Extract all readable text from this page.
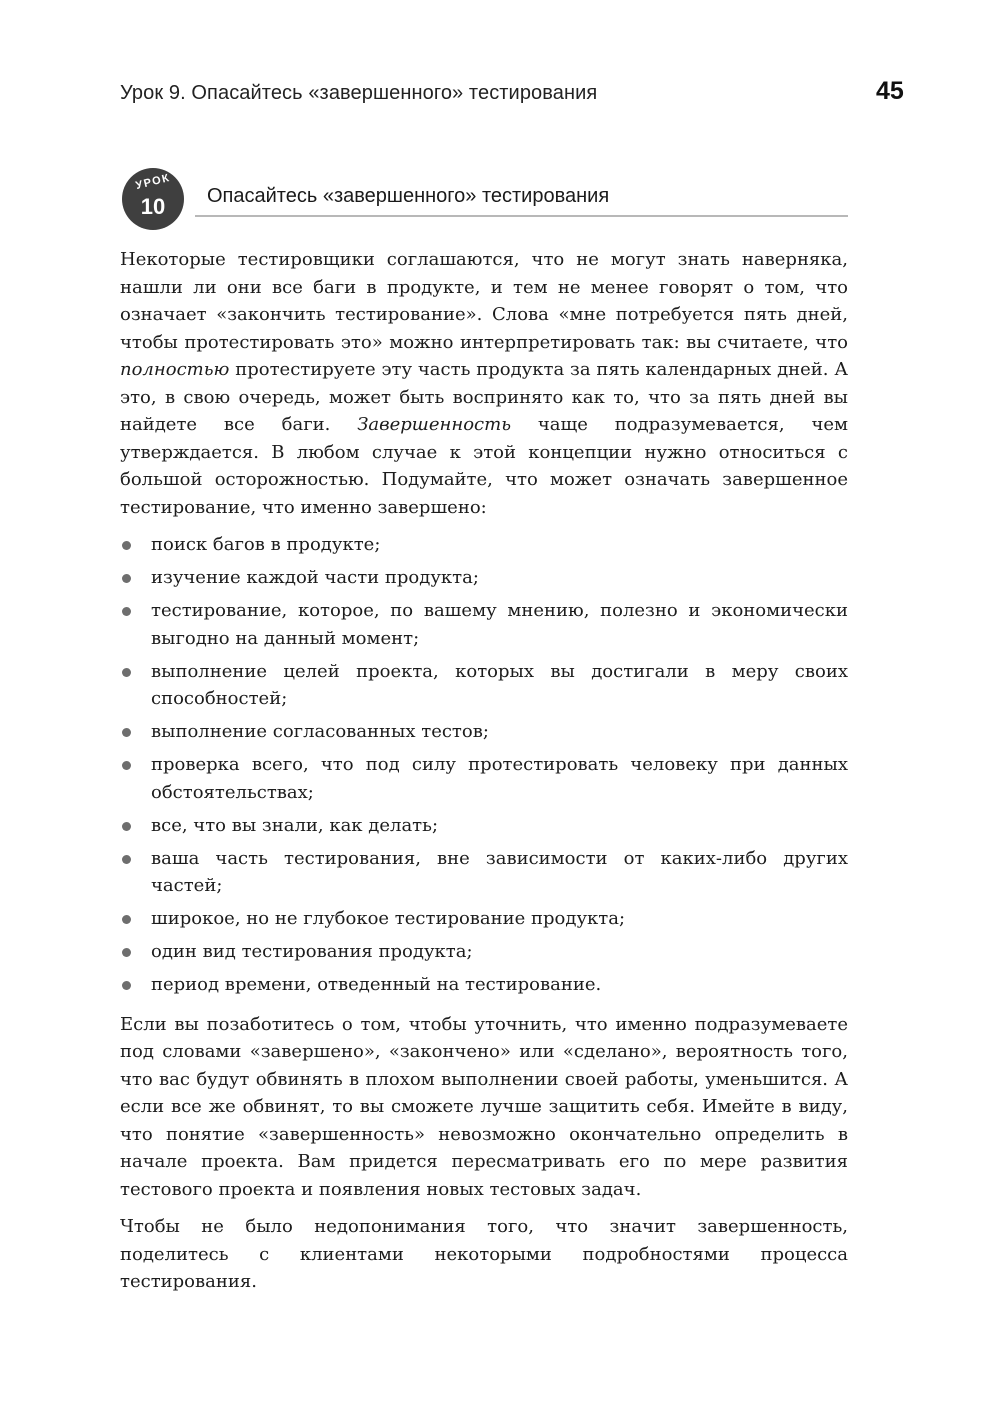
Урок 9. Опасайтесь «завершенного» тестирования	45
УРОК
10	Опасайтесь «завершенного» тестирования

Некоторые тестировщики соглашаются, что не могут знать наверняка, нашли ли они все баги в продукте, и тем не менее говорят о том, что означает «закончить тестирование». Слова «мне потребуется пять дней, чтобы протестировать это» можно интерпретировать так: вы считаете, что полностью протестируете эту часть продукта за пять календарных дней. А это, в свою очередь, может быть воспринято как то, что за пять дней вы найдете все баги. Завершенность чаще подразумевается, чем утверждается. В любом случае к этой концепции нужно относиться с большой осторожностью. Подумайте, что может означать завершенное тестирование, что именно завершено:

поиск багов в продукте;
изучение каждой части продукта;
тестирование, которое, по вашему мнению, полезно и экономически выгодно на данный момент;
выполнение целей проекта, которых вы достигали в меру своих способностей;
выполнение согласованных тестов;
проверка всего, что под силу протестировать человеку при данных обстоятельствах;
все, что вы знали, как делать;
ваша часть тестирования, вне зависимости от каких-либо других частей;
широкое, но не глубокое тестирование продукта;
один вид тестирования продукта;
период времени, отведенный на тестирование.

Если вы позаботитесь о том, чтобы уточнить, что именно подразумеваете под словами «завершено», «закончено» или «сделано», вероятность того, что вас будут обвинять в плохом выполнении своей работы, уменьшится. А если все же обвинят, то вы сможете лучше защитить себя. Имейте в виду, что понятие «завершенность» невозможно окончательно определить в начале проекта. Вам придется пересматривать его по мере развития тестового проекта и появления новых тестовых задач.

Чтобы не было недопонимания того, что значит завершенность, поделитесь с клиентами некоторыми подробностями процесса тестирования.
